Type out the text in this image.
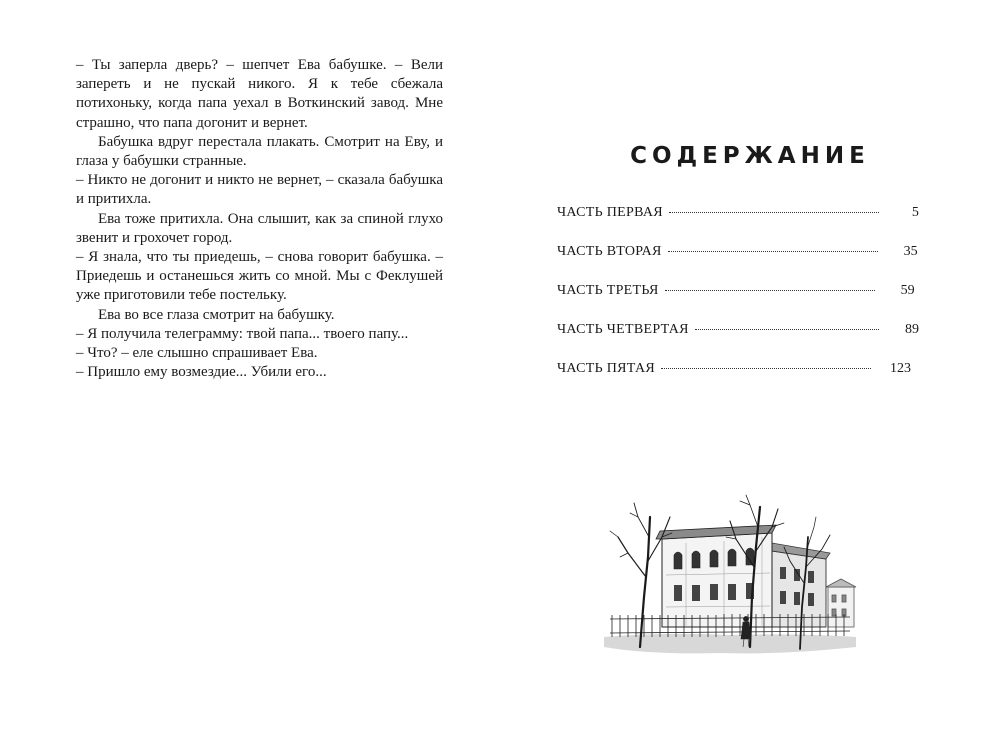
– Ты заперла дверь? – шепчет Ева бабушке. – Вели запереть и не пускай никого. Я к тебе сбежала потихоньку, когда папа уехал в Воткинский завод. Мне страшно, что папа догонит и вернет.

Бабушка вдруг перестала плакать. Смотрит на Еву, и глаза у бабушки странные.

– Никто не догонит и никто не вернет, – сказала бабушка и притихла.

Ева тоже притихла. Она слышит, как за спиной глухо звенит и грохочет город.

– Я знала, что ты приедешь, – снова говорит бабушка. – Приедешь и останешься жить со мной. Мы с Феклушей уже приготовили тебе постельку.

Ева во все глаза смотрит на бабушку.

– Я получила телеграмму: твой папа... твоего папу...

– Что? – еле слышно спрашивает Ева.

– Пришло ему возмездие... Убили его...

СОДЕРЖАНИЕ
ЧАСТЬ ПЕРВАЯ	5
ЧАСТЬ ВТОРАЯ	35
ЧАСТЬ ТРЕТЬЯ	59
ЧАСТЬ ЧЕТВЕРТАЯ	89
ЧАСТЬ ПЯТАЯ	123
